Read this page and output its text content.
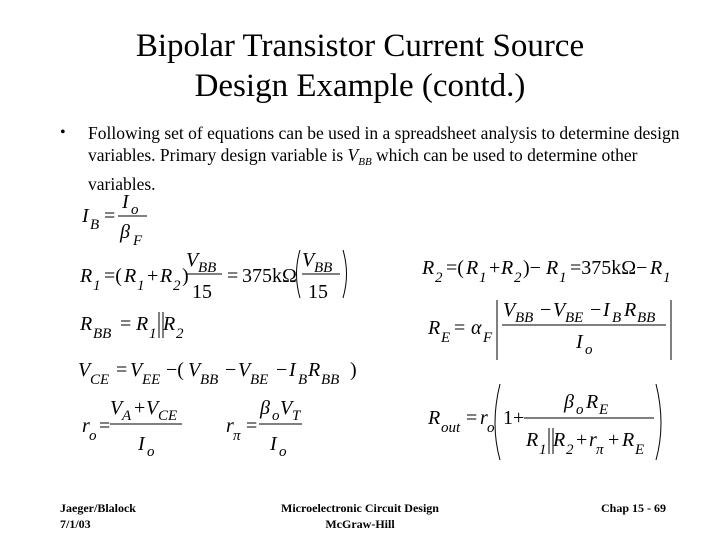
Bipolar Transistor Current Source
Design Example (contd.)
• Following set of equations can be used in a spreadsheet analysis to determine design variables. Primary design variable is $V_{BB}$ which can be used to determine other variables.
I B =
I o
β F
R 1 =( R 1 + R 2 )
V BB
15
= 375kΩ
V BB
15
R 2 =( R 1 + R 2 )− R 1 =375kΩ− R 1
R BB = R 1 R 2	R E = α F
V BB − V BE − I B R BB
I o
V CE = V EE −( V BB − V BE − I B R BB )
r o =
V A + V CE
I o
r π =
β o V T
I o
R out = r o 1+
β o R E
R 1 R 2 + r π + R E
Jaeger/Blalock
7/1/03
Microelectronic Circuit Design
McGraw-Hill
Chap 15 - 69
